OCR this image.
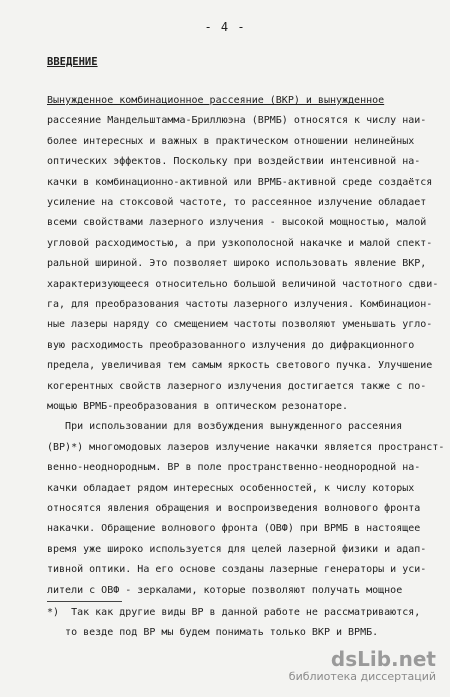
- 4 -
ВВЕДЕНИЕ
Вынужденное комбинационное рассеяние (ВКР) и вынужденное
рассеяние Мандельштамма-Бриллюэна (ВРМБ) относятся к числу наи-
более интересных и важных в практическом отношении нелинейных
оптических эффектов. Поскольку при воздействии интенсивной на-
качки в комбинационно-активной или ВРМБ-активной среде создаётся
усиление на стоксовой частоте, то рассеянное излучение обладает
всеми свойствами лазерного излучения - высокой мощностью, малой
угловой расходимостью, а при узкополосной накачке и малой спект-
ральной шириной. Это позволяет широко использовать явление ВКР,
характеризующееся относительно большой величиной частотного сдви-
га, для преобразования частоты лазерного излучения. Комбинацион-
ные лазеры наряду со смещением частоты позволяют уменьшать угло-
вую расходимость преобразованного излучения до дифракционного
предела, увеличивая тем самым яркость светового пучка. Улучшение
когерентных свойств лазерного излучения достигается также с по-
мощью ВРМБ-преобразования в оптическом резонаторе.
При использовании для возбуждения вынужденного рассеяния
(ВР)*) многомодовых лазеров излучение накачки является пространст-
венно-неоднородным. ВР в поле пространственно-неоднородной на-
качки обладает рядом интересных особенностей, к числу которых
относятся явления обращения и воспроизведения волнового фронта
накачки. Обращение волнового фронта (ОВФ) при ВРМБ в настоящее
время уже широко используется для целей лазерной физики и адап-
тивной оптики. На его основе созданы лазерные генераторы и уси-
лители с ОВФ - зеркалами, которые позволяют получать мощное
*)  Так как другие виды ВР в данной работе не рассматриваются,
то везде под ВР мы будем понимать только ВКР и ВРМБ.
dsLib.net
библиотека диссертаций
